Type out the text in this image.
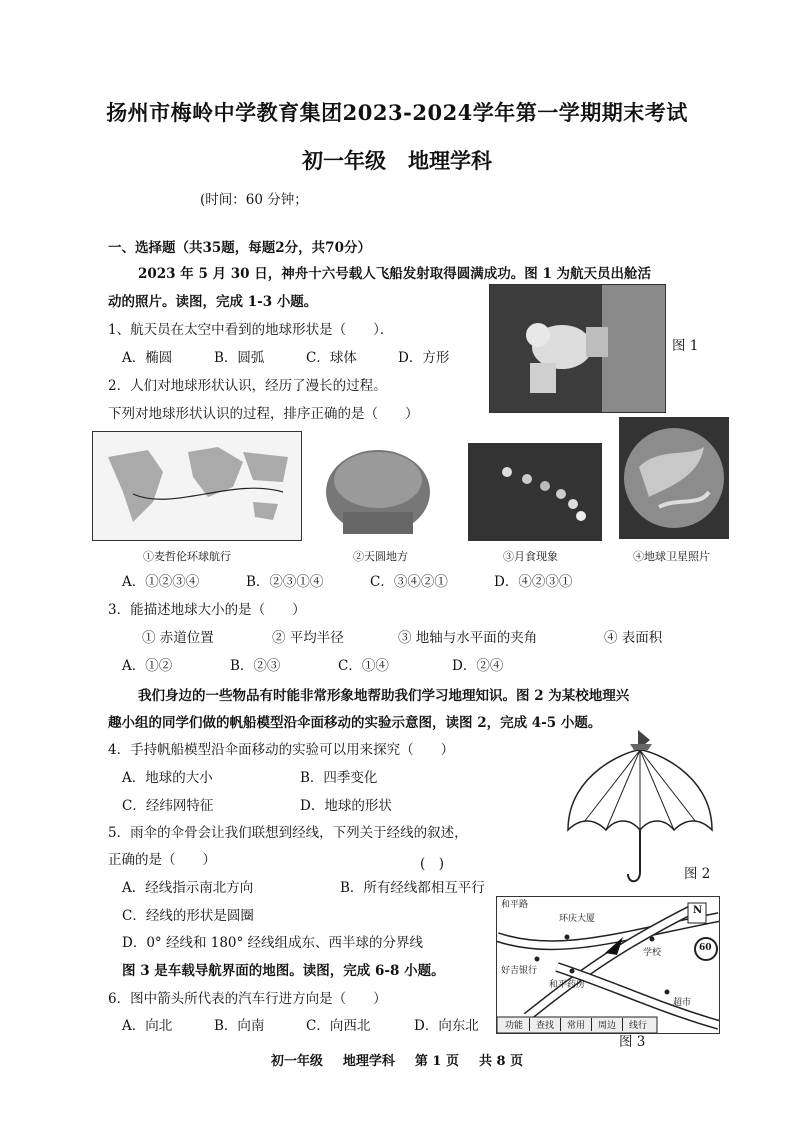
扬州市梅岭中学教育集团2023-2024学年第一学期期末考试
初一年级 地理学科
(时间：60 分钟；
一、选择题（共35题，每题2分，共70分）
2023 年 5 月 30 日，神舟十六号载人飞船发射取得圆满成功。图 1 为航天员出舱活
动的照片。读图，完成 1-3 小题。
1、航天员在太空中看到的地球形状是（　　）．
A．椭圆	B．圆弧	C．球体	D．方形
图 1
2．人们对地球形状认识，经历了漫长的过程。
下列对地球形状认识的过程，排序正确的是（　　）
①麦哲伦环球航行	②天圆地方	③月食现象	④地球卫星照片
A．①②③④	B．②③①④	C．③④②①	D．④②③①
3．能描述地球大小的是（　　）
① 赤道位置	② 平均半径	③ 地轴与水平面的夹角	④ 表面积
A．①②	B．②③	C．①④	D．②④
我们身边的一些物品有时能非常形象地帮助我们学习地理知识。图 2 为某校地理兴
趣小组的同学们做的帆船模型沿伞面移动的实验示意图，读图 2，完成 4-5 小题。
4．手持帆船模型沿伞面移动的实验可以用来探究（　　）
A．地球的大小	B．四季变化
C．经纬网特征	D．地球的形状
图 2
5．雨伞的伞骨会让我们联想到经线，下列关于经线的叙述，
正确的是（　　）	(　)
A．经线指示南北方向	B．所有经线都相互平行
C．经线的形状是圆圈
D．0° 经线和 180° 经线组成东、西半球的分界线
图 3 是车载导航界面的地图。读图，完成 6-8 小题。
6．图中箭头所代表的汽车行进方向是（　　）
A．向北	B．向南	C．向西北	D．向东北
和平路
环庆大厦
学校
好吉银行
和平药房
超市
N
60
功能	查找	常用	周边	线行
图 3
初一年级 地理学科 第 1 页 共 8 页
